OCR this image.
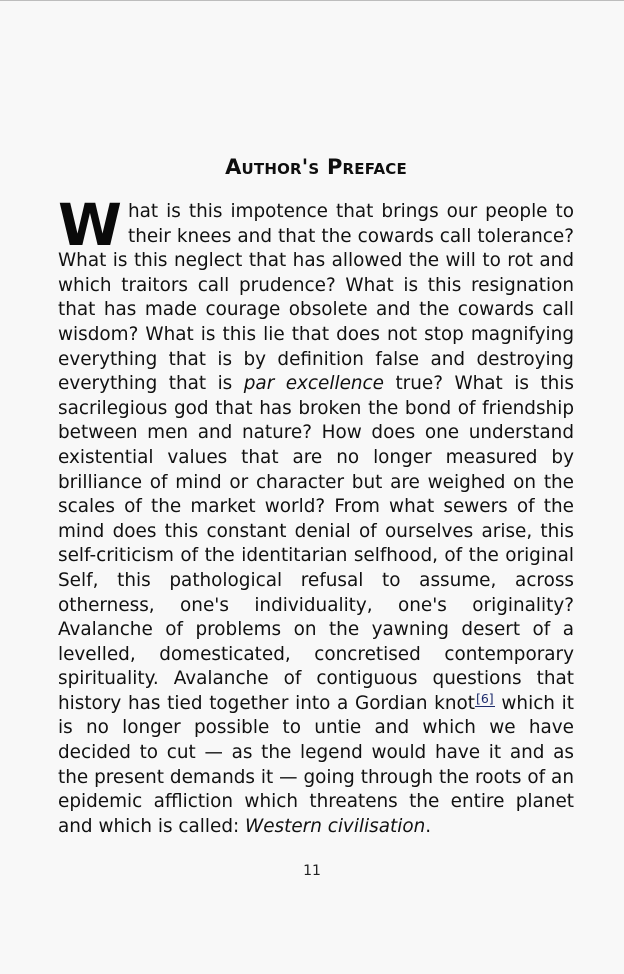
Author's Preface

What is this impotence that brings our people to their knees and that the cowards call tolerance? What is this neglect that has allowed the will to rot and which traitors call prudence? What is this resignation that has made courage obsolete and the cowards call wisdom? What is this lie that does not stop magnifying everything that is by definition false and destroying everything that is par excellence true? What is this sacrilegious god that has broken the bond of friendship between men and nature? How does one understand existential values that are no longer measured by brilliance of mind or character but are weighed on the scales of the market world? From what sewers of the mind does this constant denial of ourselves arise, this self-criticism of the identitarian selfhood, of the original Self, this pathological refusal to assume, across otherness, one's individuality, one's originality? Avalanche of problems on the yawning desert of a levelled, domesticated, concretised contemporary spirituality. Avalanche of contiguous questions that history has tied together into a Gordian knot[6] which it is no longer possible to untie and which we have decided to cut — as the legend would have it and as the present demands it — going through the roots of an epidemic affliction which threatens the entire planet and which is called: Western civilisation.

11
